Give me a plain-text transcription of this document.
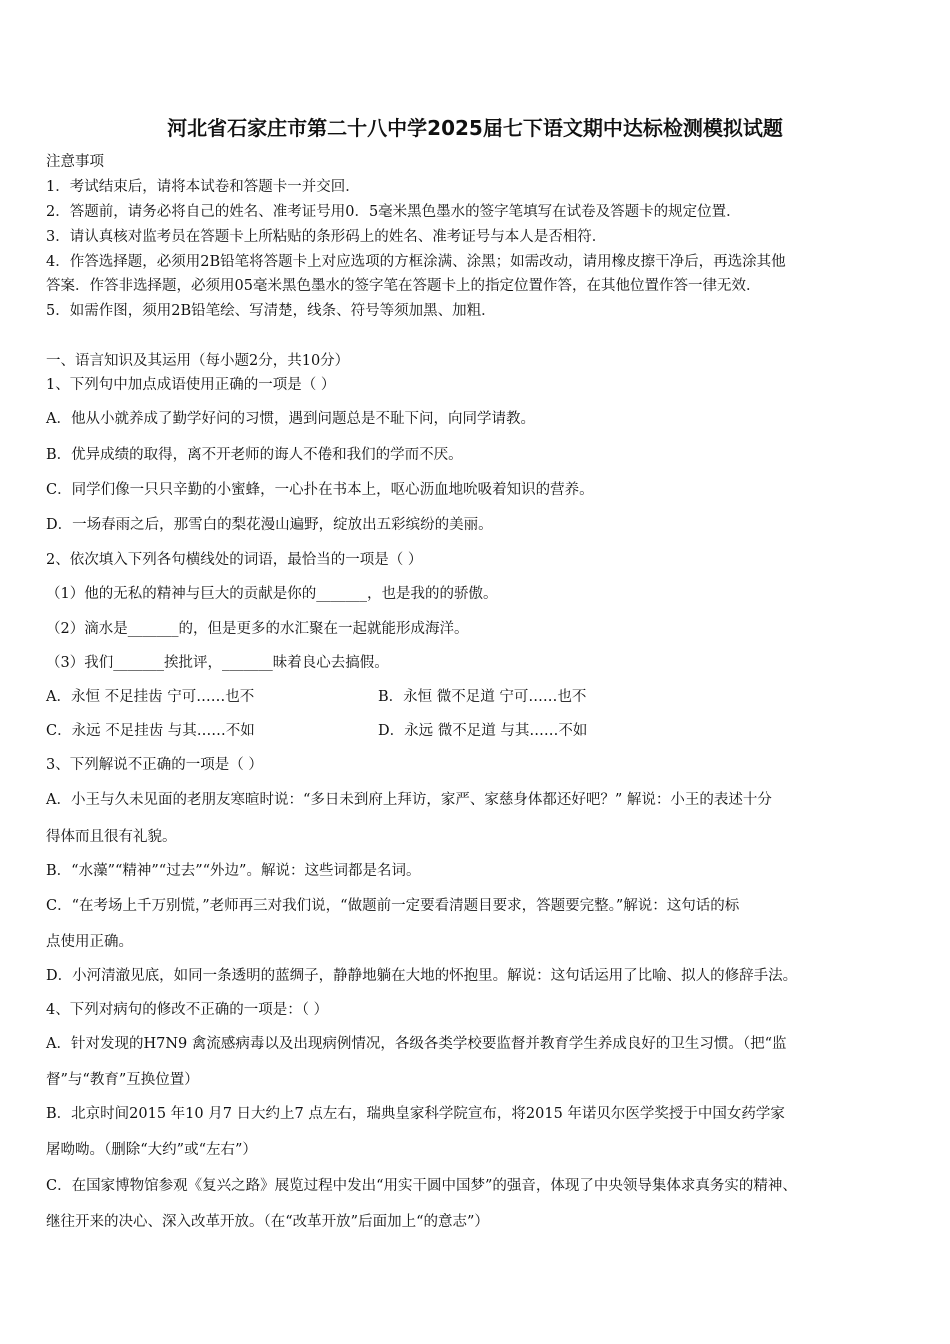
河北省石家庄市第二十八中学2025届七下语文期中达标检测模拟试题
注意事项
1．考试结束后，请将本试卷和答题卡一并交回．
2．答题前，请务必将自己的姓名、准考证号用0．5毫米黑色墨水的签字笔填写在试卷及答题卡的规定位置．
3．请认真核对监考员在答题卡上所粘贴的条形码上的姓名、准考证号与本人是否相符．
4．作答选择题，必须用2B铅笔将答题卡上对应选项的方框涂满、涂黑；如需改动，请用橡皮擦干净后，再选涂其他
答案．作答非选择题，必须用05毫米黑色墨水的签字笔在答题卡上的指定位置作答，在其他位置作答一律无效．
5．如需作图，须用2B铅笔绘、写清楚，线条、符号等须加黑、加粗．
一、语言知识及其运用（每小题2分，共10分）
1、下列句中加点成语使用正确的一项是（ ）
A．他从小就养成了勤学好问的习惯，遇到问题总是不耻下问，向同学请教。
B．优异成绩的取得，离不开老师的诲人不倦和我们的学而不厌。
C．同学们像一只只辛勤的小蜜蜂，一心扑在书本上，呕心沥血地吮吸着知识的营养。
D．一场春雨之后，那雪白的梨花漫山遍野，绽放出五彩缤纷的美丽。
2、依次填入下列各句横线处的词语，最恰当的一项是（ ）
（1）他的无私的精神与巨大的贡献是你的_______，也是我的的骄傲。
（2）滴水是_______的，但是更多的水汇聚在一起就能形成海洋。
（3）我们_______挨批评，_______昧着良心去搞假。
A．永恒 不足挂齿 宁可……也不	B．永恒 微不足道 宁可……也不
C．永远 不足挂齿 与其……不如	D．永远 微不足道 与其……不如
3、下列解说不正确的一项是（ ）
A．小王与久未见面的老朋友寒暄时说：“多日未到府上拜访，家严、家慈身体都还好吧？” 解说：小王的表述十分
得体而且很有礼貌。
B．“水藻”“精神”“过去”“外边”。解说：这些词都是名词。
C．“在考场上千万别慌，”老师再三对我们说，“做题前一定要看清题目要求，答题要完整。”解说：这句话的标
点使用正确。
D．小河清澈见底，如同一条透明的蓝绸子，静静地躺在大地的怀抱里。解说：这句话运用了比喻、拟人的修辞手法。
4、下列对病句的修改不正确的一项是：（ ）
A．针对发现的H7N9 禽流感病毒以及出现病例情况，各级各类学校要监督并教育学生养成良好的卫生习惯。（把“监
督”与“教育”互换位置）
B．北京时间2015 年10 月7 日大约上7 点左右，瑞典皇家科学院宣布，将2015 年诺贝尔医学奖授于中国女药学家
屠呦呦。（删除“大约”或“左右”）
C．在国家博物馆参观《复兴之路》展览过程中发出“用实干圆中国梦”的强音，体现了中央领导集体求真务实的精神、
继往开来的决心、深入改革开放。（在“改革开放”后面加上“的意志”）
